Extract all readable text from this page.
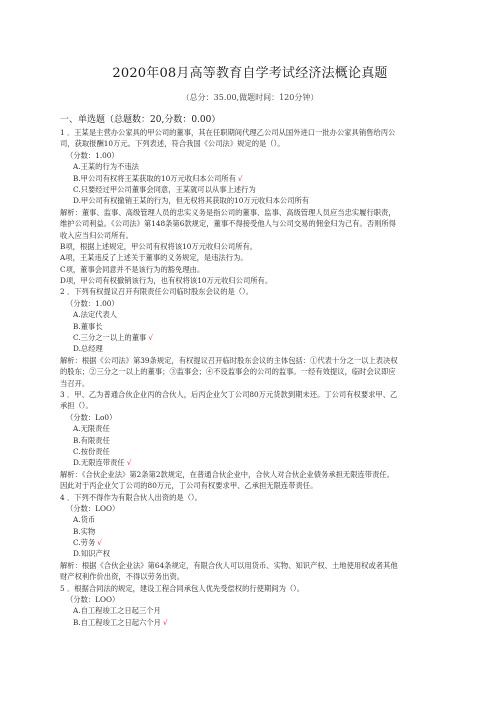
2020年08月高等教育自学考试经济法概论真题
（总分：35.00,做题时间：120分钟）
一、单选题（总题数：20,分数：0.00）
1 ．王某是主营办公家具的甲公司的董事，其在任职期间代理乙公司从国外进口一批办公家具销售给丙公
司，获取报酬10万元。下列表述，符合我国《公司法》规定的是（）。
（分数：1.00）
A.王某的行为不违法
B.甲公司有权将王某获取的10万元收归本公司所有 √
C.只要经过甲公司董事会同意，王某就可以从事上述行为
D.甲公司有权撤销王某的行为，但无权将其获取的10万元收归本公司所有
解析：董事、监事、高级管理人员的忠实义务是指公司的董事、监事、高级管理人员应当忠实履行职责，
维护公司利益。《公司法》第148条第6款规定，董事不得接受他人与公司交易的佣金归为己有。否则所得
收入应当归公司所有。
B项，根据上述规定，甲公司有权将该10万元收归公司所有。
A项，王某违反了上述关于董事的义务规定，是违法行为。
C项，董事会同意并不是该行为的豁免理由。
D项，甲公司有权撤销该行为，也有权将该10万元收归公司所有。
2 ．下列有权提议召开有限责任公司临时股东会议的是（）。
（分数：1.00）
A.法定代表人
B.董事长
C.三分之一以上的董事 √
D.总经理
解析：根据《公司法》第39条规定，有权提议召开临时股东会议的主体包括：①代表十分之一以上表决权
的股东；②三分之一以上的董事；③监事会；④不设监事会的公司的监事。一经有效提议，临时会议即应
当召开。
3 ．甲、乙为普通合伙企业丙的合伙人，后丙企业欠丁公司80万元货款到期未还。丁公司有权要求甲、乙
承担（）。
（分数：Lo0）
A.无限责任
B.有限责任
C.按份责任
D.无限连带责任 √
解析：《合伙企业法》第2条第2款规定，在普通合伙企业中，合伙人对合伙企业债务承担无限连带责任。
因此对于丙企业欠丁公司的80万元，丁公司有权要求甲、乙承担无限连带责任。
4 ．下列不得作为有限合伙人出资的是（）。
（分数：LOO）
A.货币
B.实物
C.劳务 √
D.知识产权
解析：根据《合伙企业法》第64条规定，有限合伙人可以用货币、实物、知识产权、土地使用权或者其他
财产权利作价出资，不得以劳务出资。
5 ．根据合同法的规定，建设工程合同承包人优先受偿权的行使期间为（）。
（分数：LOO）
A.自工程竣工之日起三个月
B.自工程竣工之日起六个月 √
